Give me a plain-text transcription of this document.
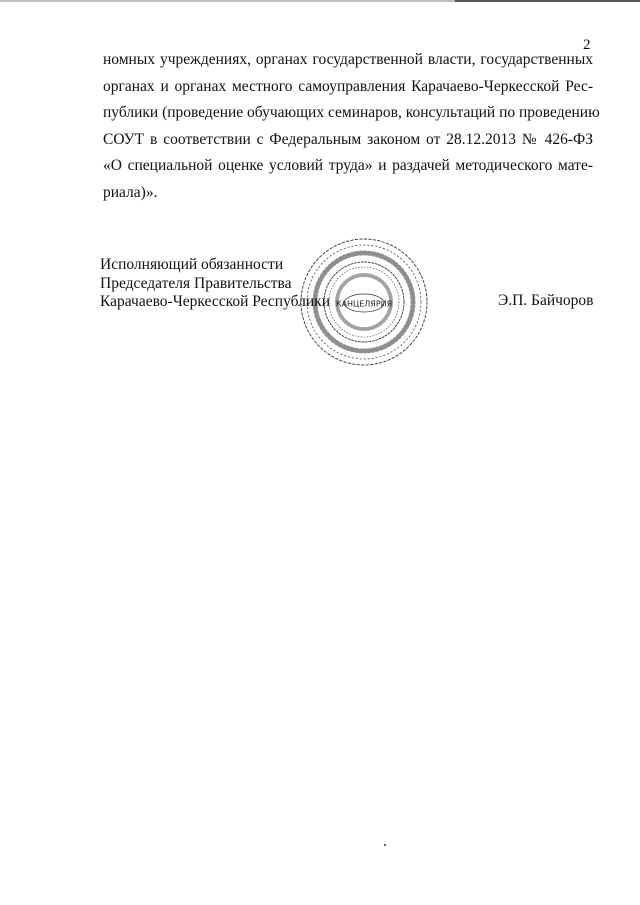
2
номных учреждениях, органах государственной власти, государственных
органах и органах местного самоуправления Карачаево-Черкесской Рес-
публики (проведение обучающих семинаров, консультаций по проведению
СОУТ в соответствии с Федеральным законом от 28.12.2013 № 426-ФЗ
«О специальной оценке условий труда» и раздачей методического мате-
риала)».
КАНЦЕЛЯРИЯ
Исполняющий обязанности
Председателя Правительства
Карачаево-Черкесской Республики	Э.П. Байчоров
